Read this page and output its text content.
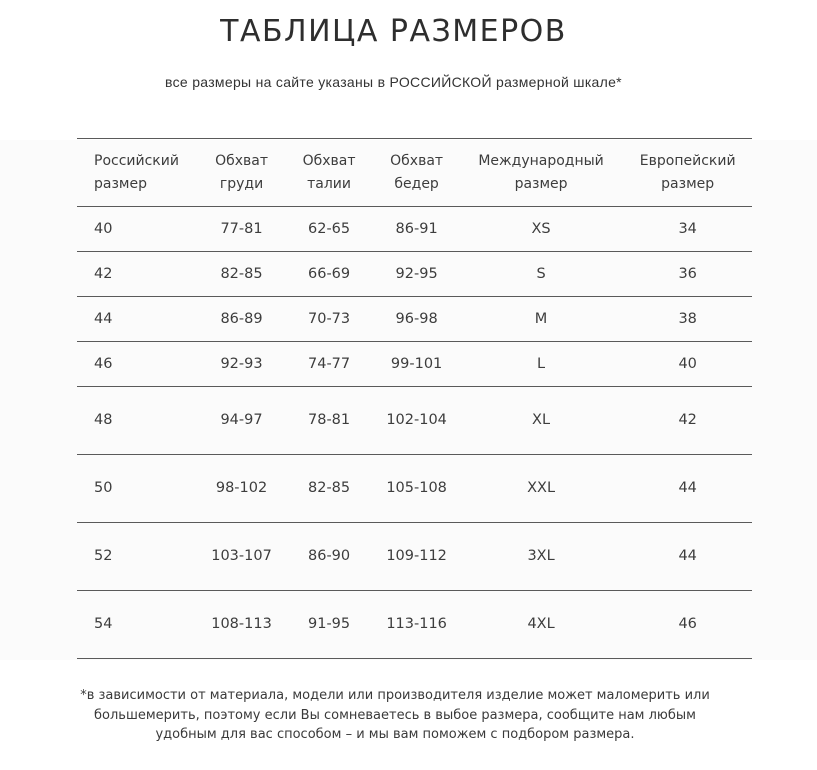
ТАБЛИЦА РАЗМЕРОВ
все размеры на сайте указаны в РОССИЙСКОЙ размерной шкале*
Российский размер	Обхват груди	Обхват талии	Обхват бедер	Международный размер	Европейский размер
40	77-81	62-65	86-91	XS	34
42	82-85	66-69	92-95	S	36
44	86-89	70-73	96-98	M	38
46	92-93	74-77	99-101	L	40
48	94-97	78-81	102-104	XL	42
50	98-102	82-85	105-108	XXL	44
52	103-107	86-90	109-112	3XL	44
54	108-113	91-95	113-116	4XL	46
*в зависимости от материала, модели или производителя изделие может маломерить или большемерить, поэтому если Вы сомневаетесь в выбое размера, сообщите нам любым удобным для вас способом – и мы вам поможем с подбором размера.
